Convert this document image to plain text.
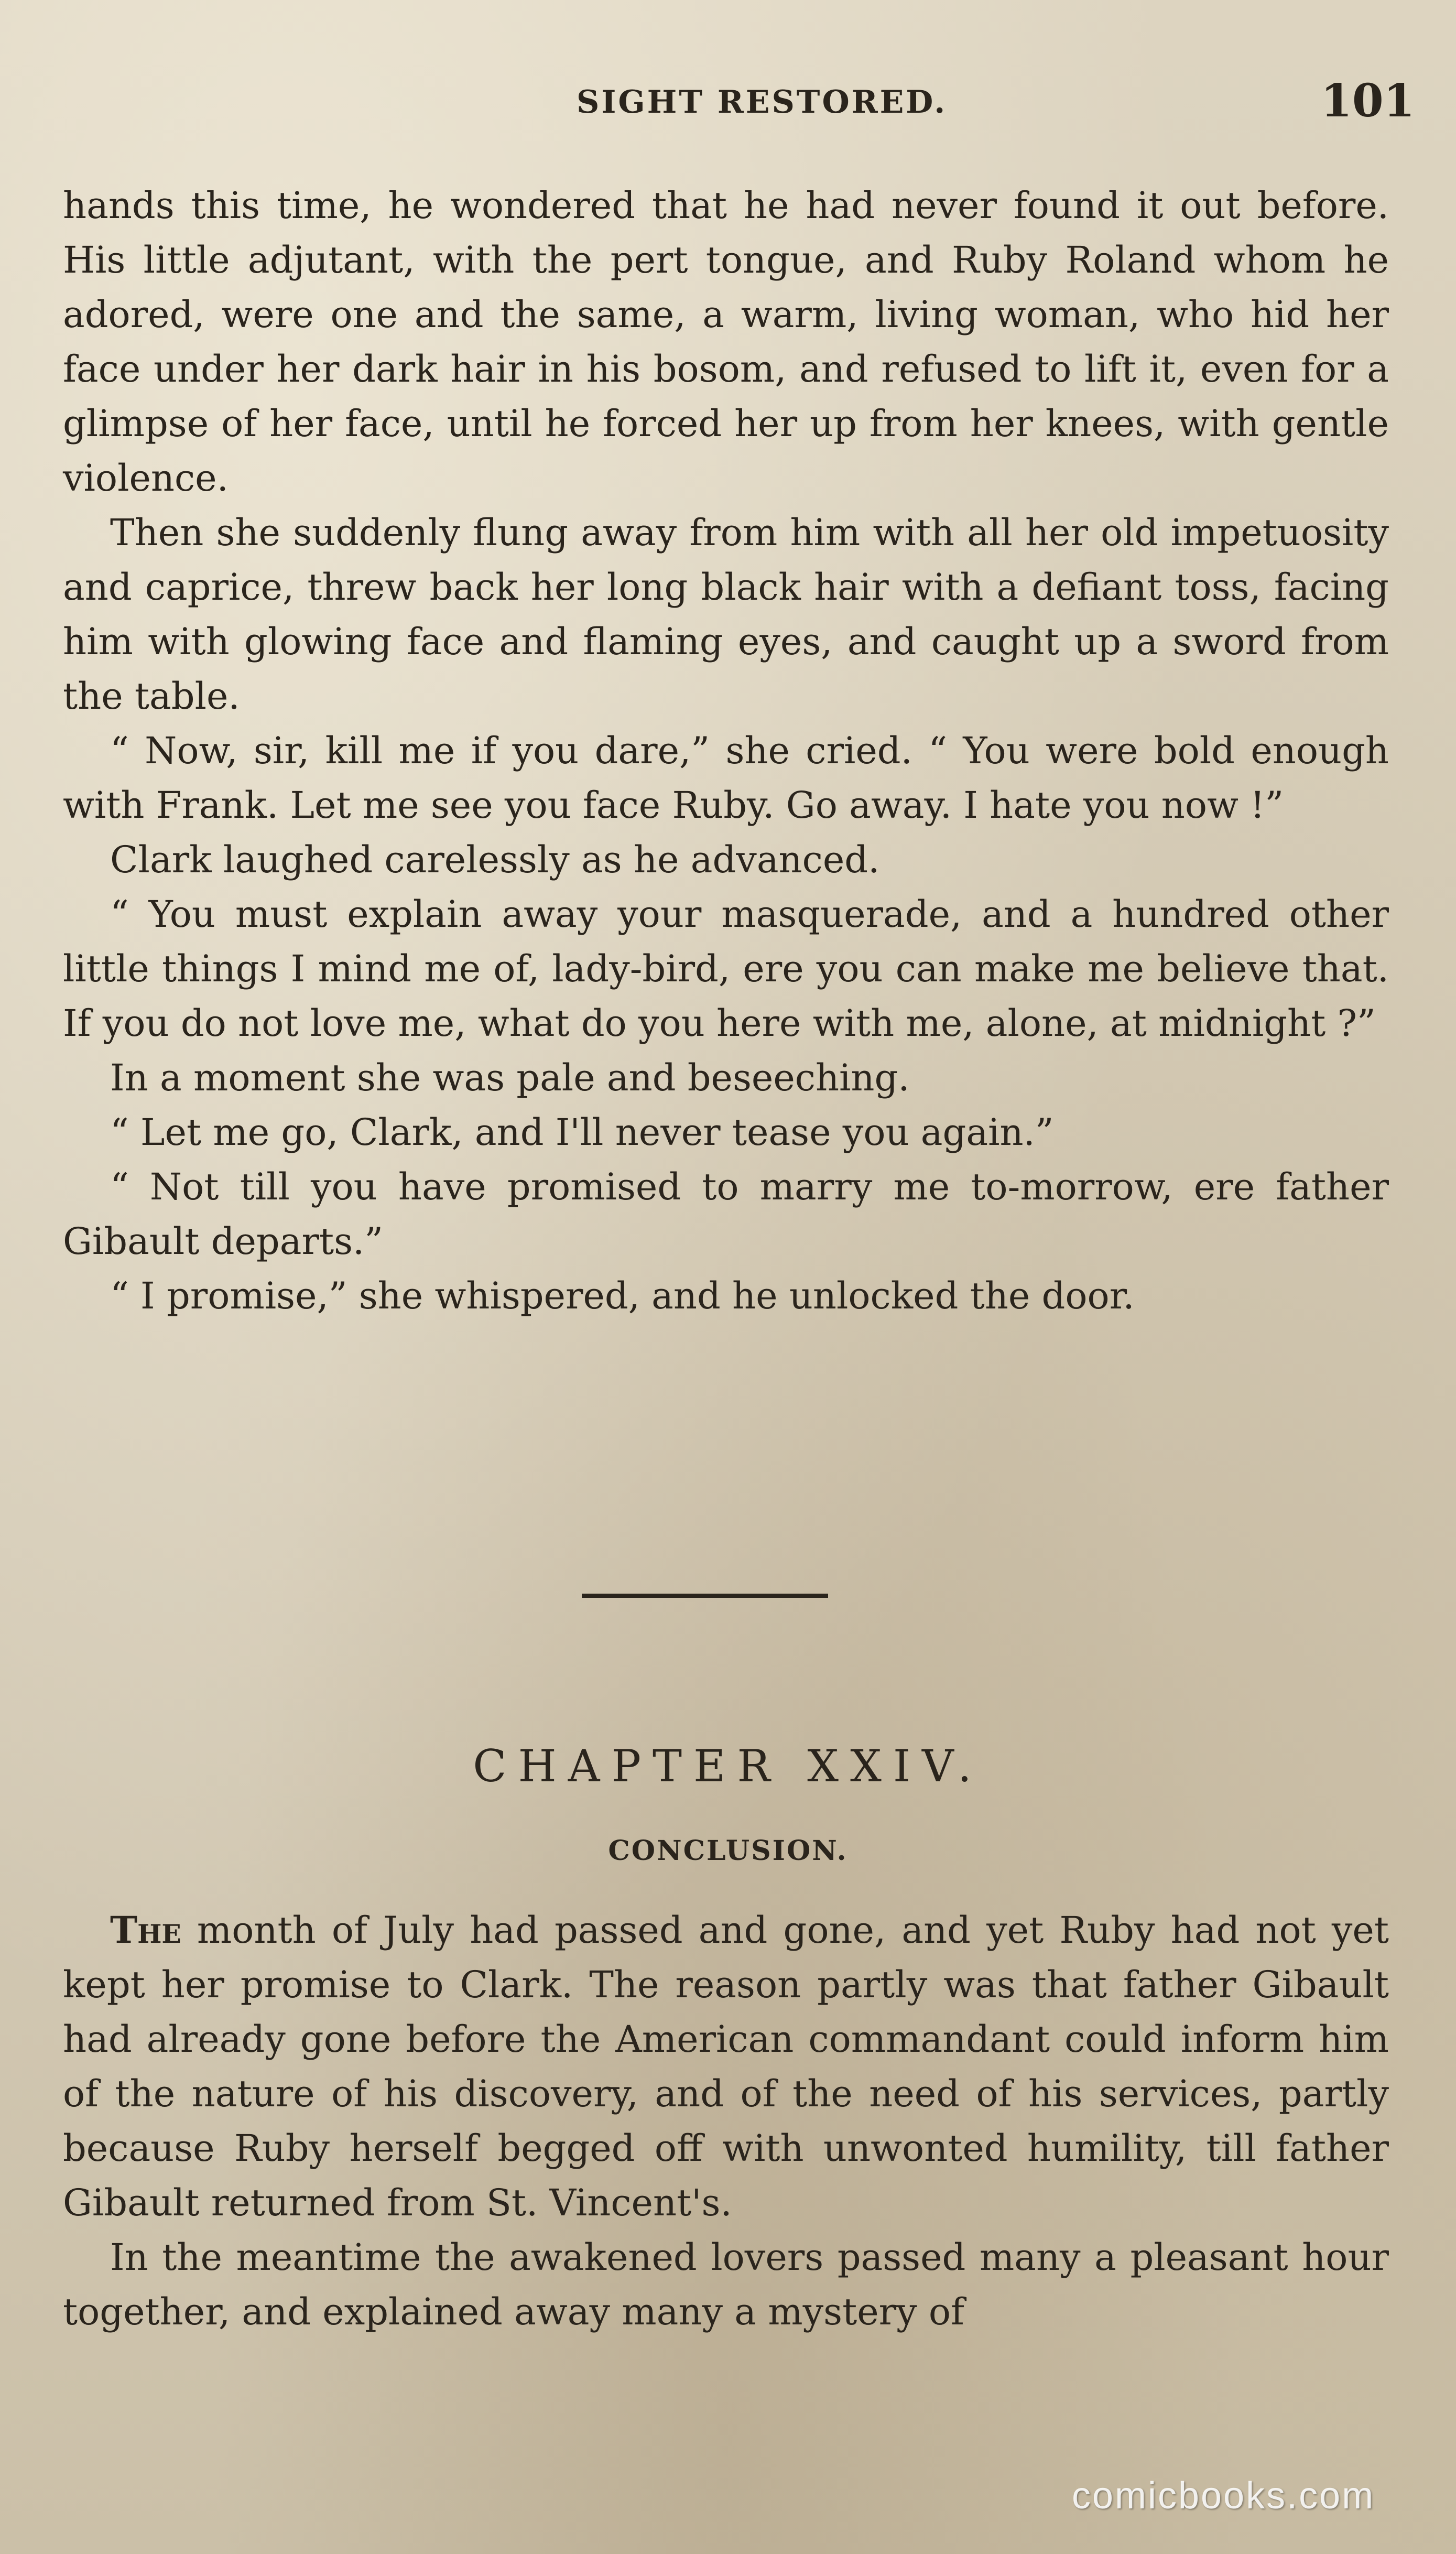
SIGHT RESTORED.	101

hands this time, he wondered that he had never found it out before. His little adjutant, with the pert tongue, and Ruby Roland whom he adored, were one and the same, a warm, living woman, who hid her face under her dark hair in his bosom, and refused to lift it, even for a glimpse of her face, until he forced her up from her knees, with gentle violence.

Then she suddenly flung away from him with all her old impetuosity and caprice, threw back her long black hair with a defiant toss, facing him with glowing face and flaming eyes, and caught up a sword from the table.

“ Now, sir, kill me if you dare,” she cried. “ You were bold enough with Frank. Let me see you face Ruby. Go away. I hate you now !”

Clark laughed carelessly as he advanced.

“ You must explain away your masquerade, and a hundred other little things I mind me of, lady-bird, ere you can make me believe that. If you do not love me, what do you here with me, alone, at midnight ?”

In a moment she was pale and beseeching.

“ Let me go, Clark, and I'll never tease you again.”

“ Not till you have promised to marry me to-morrow, ere father Gibault departs.”

“ I promise,” she whispered, and he unlocked the door.

CHAPTER XXIV.
CONCLUSION.

The month of July had passed and gone, and yet Ruby had not yet kept her promise to Clark. The reason partly was that father Gibault had already gone before the American commandant could inform him of the nature of his discovery, and of the need of his services, partly because Ruby herself begged off with unwonted humility, till father Gibault returned from St. Vincent's.

In the meantime the awakened lovers passed many a pleasant hour together, and explained away many a mystery of

comicbooks.com
